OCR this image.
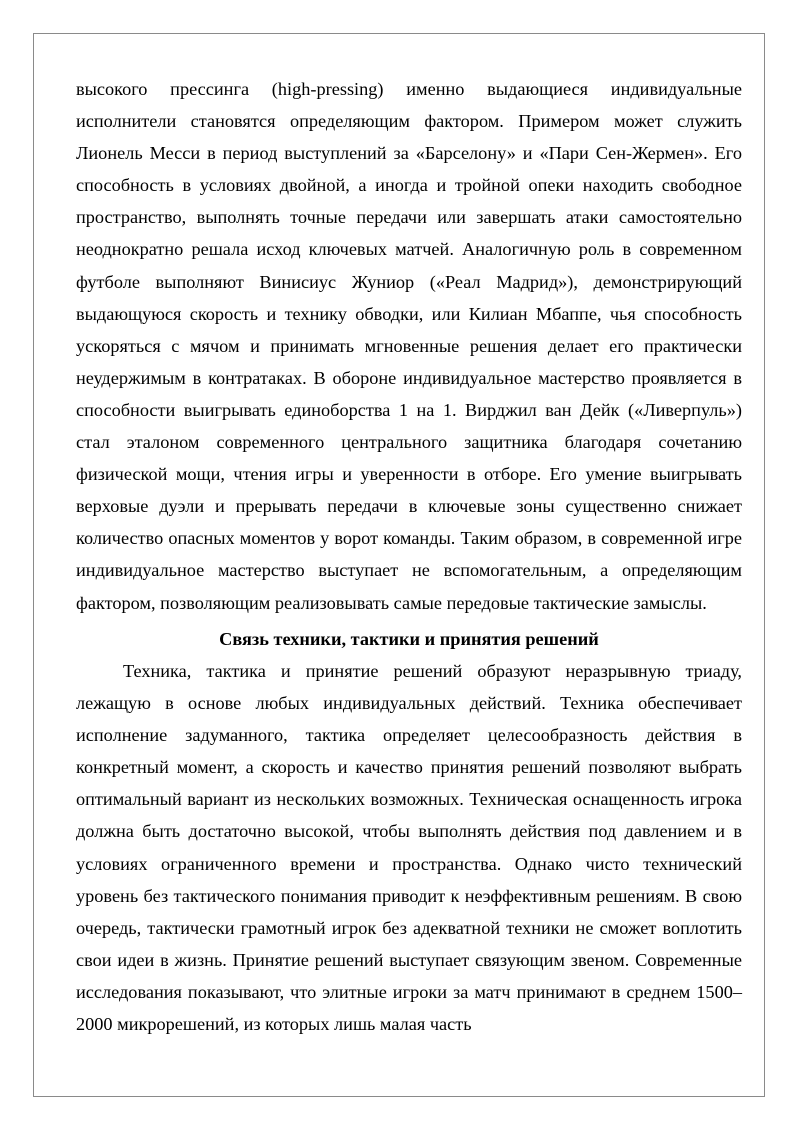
высокого прессинга (high-pressing) именно выдающиеся индивидуальные исполнители становятся определяющим фактором. Примером может служить Лионель Месси в период выступлений за «Барселону» и «Пари Сен-Жермен». Его способность в условиях двойной, а иногда и тройной опеки находить свободное пространство, выполнять точные передачи или завершать атаки самостоятельно неоднократно решала исход ключевых матчей. Аналогичную роль в современном футболе выполняют Винисиус Жуниор («Реал Мадрид»), демонстрирующий выдающуюся скорость и технику обводки, или Килиан Мбаппе, чья способность ускоряться с мячом и принимать мгновенные решения делает его практически неудержимым в контратаках. В обороне индивидуальное мастерство проявляется в способности выигрывать единоборства 1 на 1. Вирджил ван Дейк («Ливерпуль») стал эталоном современного центрального защитника благодаря сочетанию физической мощи, чтения игры и уверенности в отборе. Его умение выигрывать верховые дуэли и прерывать передачи в ключевые зоны существенно снижает количество опасных моментов у ворот команды. Таким образом, в современной игре индивидуальное мастерство выступает не вспомогательным, а определяющим фактором, позволяющим реализовывать самые передовые тактические замыслы.

Связь техники, тактики и принятия решений

Техника, тактика и принятие решений образуют неразрывную триаду, лежащую в основе любых индивидуальных действий. Техника обеспечивает исполнение задуманного, тактика определяет целесообразность действия в конкретный момент, а скорость и качество принятия решений позволяют выбрать оптимальный вариант из нескольких возможных. Техническая оснащенность игрока должна быть достаточно высокой, чтобы выполнять действия под давлением и в условиях ограниченного времени и пространства. Однако чисто технический уровень без тактического понимания приводит к неэффективным решениям. В свою очередь, тактически грамотный игрок без адекватной техники не сможет воплотить свои идеи в жизнь. Принятие решений выступает связующим звеном. Современные исследования показывают, что элитные игроки за матч принимают в среднем 1500–2000 микрорешений, из которых лишь малая часть
